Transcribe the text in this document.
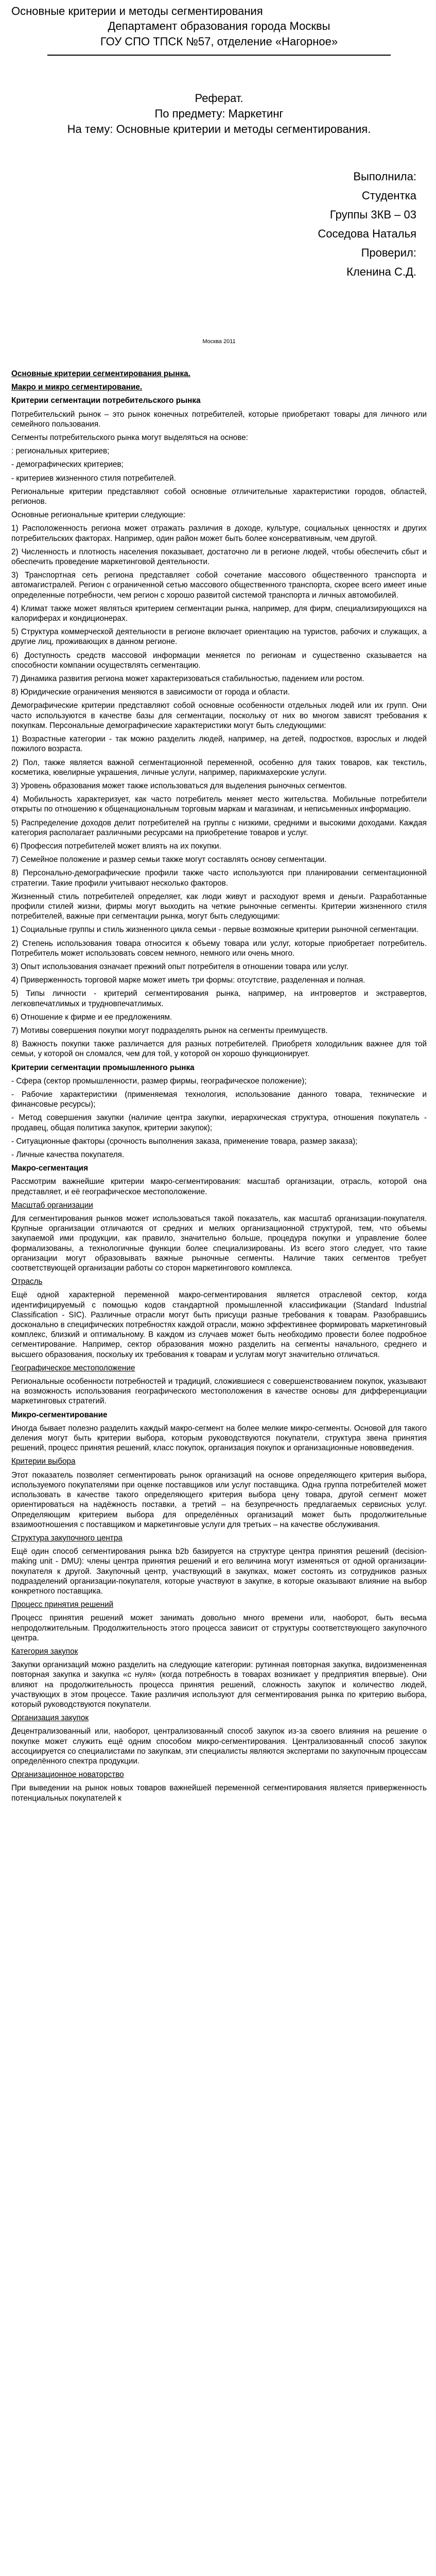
Основные критерии и методы сегментирования
Департамент образования города Москвы
ГОУ СПО ТПСК №57, отделение «Нагорное»
Реферат.
По предмету: Маркетинг
На тему: Основные критерии и методы сегментирования.
Выполнила:
Студентка
Группы 3КВ – 03
Соседова Наталья
Проверил:
Кленина С.Д.
Москва 2011

Основные критерии сегментирования рынка.

Макро и микро сегментирование.

Критерии сегментации потребительского рынка

Потребительский рынок – это рынок конечных потребителей, которые приобретают товары для личного или семейного пользования.

Сегменты потребительского рынка могут выделяться на основе:

: региональных критериев;

- демографических критериев;

- критериев жизненного стиля потребителей.

Региональные критерии представляют собой основные отличительные характеристики городов, областей, регионов.

Основные региональные критерии следующие:

1) Расположенность региона может отражать различия в доходе, культуре, социальных ценностях и других потребительских факторах. Например, один район может быть более консервативным, чем другой.

2) Численность и плотность населения показывает, достаточно ли в регионе людей, чтобы обеспечить сбыт и обеспечить проведение маркетинговой деятельности.

3) Транспортная сеть региона представляет собой сочетание массового общественного транспорта и автомагистралей. Регион с ограниченной сетью массового общественного транспорта, скорее всего имеет иные определенные потребности, чем регион с хорошо развитой системой транспорта и личных автомобилей.

4) Климат также может являться критерием сегментации рынка, например, для фирм, специализирующихся на калориферах и кондиционерах.

5) Структура коммерческой деятельности в регионе включает ориентацию на туристов, рабочих и служащих, а другие лиц, проживающих в данном регионе.

6) Доступность средств массовой информации меняется по регионам и существенно сказывается на способности компании осуществлять сегментацию.

7) Динамика развития региона может характеризоваться стабильностью, падением или ростом.

8) Юридические ограничения меняются в зависимости от города и области.

Демографические критерии представляют собой основные особенности отдельных людей или их групп. Они часто используются в качестве базы для сегментации, поскольку от них во многом зависят требования к покупкам. Персональные демографические характеристики могут быть следующими:

1) Возрастные категории - так можно разделить людей, например, на детей, подростков, взрослых и людей пожилого возраста.

2) Пол, также является важной сегментационной переменной, особенно для таких товаров, как текстиль, косметика, ювелирные украшения, личные услуги, например, парикмахерские услуги.

3) Уровень образования может также использоваться для выделения рыночных сегментов.

4) Мобильность характеризует, как часто потребитель меняет место жительства. Мобильные потребители открыты по отношению к общенациональным торговым маркам и магазинам, и неписьменных информацию.

5) Распределение доходов делит потребителей на группы с низкими, средними и высокими доходами. Каждая категория располагает различными ресурсами на приобретение товаров и услуг.

6) Профессия потребителей может влиять на их покупки.

7) Семейное положение и размер семьи также могут составлять основу сегментации.

8) Персонально-демографические профили также часто используются при планировании сегментационной стратегии. Такие профили учитывают несколько факторов.

Жизненный стиль потребителей определяет, как люди живут и расходуют время и деньги. Разработанные профили стилей жизни, фирмы могут выходить на четкие рыночные сегменты. Критерии жизненного стиля потребителей, важные при сегментации рынка, могут быть следующими:

1) Социальные группы и стиль жизненного цикла семьи - первые возможные критерии рыночной сегментации.

2) Степень использования товара относится к объему товара или услуг, которые приобретает потребитель. Потребитель может использовать совсем немного, немного или очень много.

3) Опыт использования означает прежний опыт потребителя в отношении товара или услуг.

4) Приверженность торговой марке может иметь три формы: отсутствие, разделенная и полная.

5) Типы личности - критерий сегментирования рынка, например, на интровертов и экстравертов, легковпечатлимых и трудновпечатлимых.

6) Отношение к фирме и ее предложениям.

7) Мотивы совершения покупки могут подразделять рынок на сегменты преимуществ.

8) Важность покупки также различается для разных потребителей. Приобретя холодильник важнее для той семьи, у которой он сломался, чем для той, у которой он хорошо функционирует.

Критерии сегментации промышленного рынка

- Сфера (сектор промышленности, размер фирмы, географическое положение);

- Рабочие характеристики (применяемая технология, использование данного товара, технические и финансовые ресурсы);

- Метод совершения закупки (наличие центра закупки, иерархическая структура, отношения покупатель - продавец, общая политика закупок, критерии закупок);

- Ситуационные факторы (срочность выполнения заказа, применение товара, размер заказа);

- Личные качества покупателя.

Макро-сегментация

Рассмотрим важнейшие критерии макро-сегментирования: масштаб организации, отрасль, которой она представляет, и её географическое местоположение.

Масштаб организации

Для сегментирования рынков может использоваться такой показатель, как масштаб организации-покупателя. Крупные организации отличаются от средних и мелких организационной структурой, тем, что объемы закупаемой ими продукции, как правило, значительно больше, процедура покупки и управление более формализованы, а технологичные функции более специализированы. Из всего этого следует, что такие организации могут образовывать важные рыночные сегменты. Наличие таких сегментов требует соответствующей организации работы со сторон маркетингового комплекса.

Отрасль

Ещё одной характерной переменной макро-сегментирования является отраслевой сектор, когда идентифицируемый с помощью кодов стандартной промышленной классификации (Standard Industrial Classification - SIC). Различные отрасли могут быть присущи разные требования к товарам. Разобравшись досконально в специфических потребностях каждой отрасли, можно эффективнее формировать маркетинговый комплекс, близкий и оптимальному. В каждом из случаев может быть необходимо провести более подробное сегментирование. Например, сектор образования можно разделить на сегменты начального, среднего и высшего образования, поскольку их требования к товарам и услугам могут значительно отличаться.

Географическое местоположение

Региональные особенности потребностей и традиций, сложившиеся с совершенствованием покупок, указывают на возможность использования географического местоположения в качестве основы для дифференциации маркетинговых стратегий.

Микро-сегментирование

Иногда бывает полезно разделить каждый макро-сегмент на более мелкие микро-сегменты. Основой для такого деления могут быть критерии выбора, которым руководствуются покупатели, структура звена принятия решений, процесс принятия решений, класс покупок, организация покупок и организационные нововведения.

Критерии выбора

Этот показатель позволяет сегментировать рынок организаций на основе определяющего критерия выбора, используемого покупателями при оценке поставщиков или услуг поставщика. Одна группа потребителей может использовать в качестве такого определяющего критерия выбора цену товара, другой сегмент может ориентироваться на надёжность поставки, а третий – на безупречность предлагаемых сервисных услуг. Определяющим критерием выбора для определённых организаций может быть продолжительные взаимоотношения с поставщиком и маркетинговые услуги для третьих – на качестве обслуживания.

Структура закупочного центра

Ещё один способ сегментирования рынка b2b базируется на структуре центра принятия решений (decision-making unit - DMU): члены центра принятия решений и его величина могут изменяться от одной организации-покупателя к другой. Закупочный центр, участвующий в закупках, может состоять из сотрудников разных подразделений организации-покупателя, которые участвуют в закупке, в которые оказывают влияние на выбор конкретного поставщика.

Процесс принятия решений

Процесс принятия решений может занимать довольно много времени или, наоборот, быть весьма непродолжительным. Продолжительность этого процесса зависит от структуры соответствующего закупочного центра.

Категория закупок

Закупки организаций можно разделить на следующие категории: рутинная повторная закупка, видоизмененная повторная закупка и закупка «с нуля» (когда потребность в товарах возникает у предприятия впервые). Они влияют на продолжительность процесса принятия решений, сложность закупок и количество людей, участвующих в этом процессе. Такие различия используют для сегментирования рынка по критерию выбора, который руководствуются покупатели.

Организация закупок

Децентрализованный или, наоборот, централизованный способ закупок из-за своего влияния на решение о покупке может служить ещё одним способом микро-сегментирования. Централизованный способ закупок ассоциируется со специалистами по закупкам, эти специалисты являются экспертами по закупочным процессам определённого спектра продукции.

Организационное новаторство

При выведении на рынок новых товаров важнейшей переменной сегментирования является приверженность потенциальных покупателей к
